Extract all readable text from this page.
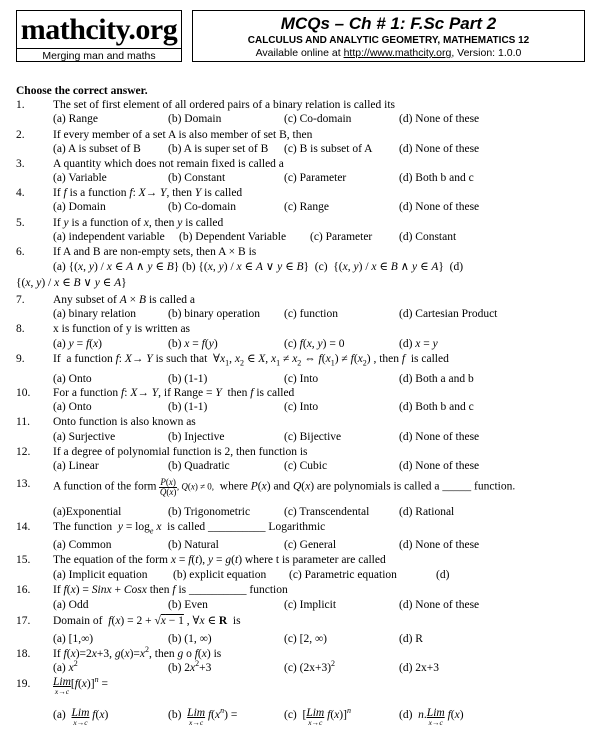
mathcity.org
Merging man and maths
MCQs – Ch # 1: F.Sc Part 2
CALCULUS AND ANALYTIC GEOMETRY, MATHEMATICS 12
Available online at http://www.mathcity.org, Version: 1.0.0
Choose the correct answer.
1. The set of first element of all ordered pairs of a binary relation is called its
(a) Range	(b) Domain	(c) Co-domain	(d) None of these
2. If every member of a set A is also member of set B, then
(a) A is subset of B (b) A is super set of B (c) B is subset of A (d) None of these
3. A quantity which does not remain fixed is called a
(a) Variable	(b) Constant	(c) Parameter	(d) Both b and c
4. If f is a function f: X→ Y, then Y is called
(a) Domain	(b) Co-domain	(c) Range	(d) None of these
5. If y is a function of x, then y is called
(a) independent variable (b) Dependent Variable (c) Parameter (d) Constant
6. If A and B are non-empty sets, then A × B is
(a) {(x, y) / x ∈ A ∧ y ∈ B} (b) {(x, y) / x ∈ A ∨ y ∈ B}  (c)  {(x, y) / x ∈ B ∧ y ∈ A}  (d)
{(x, y) / x ∈ B ∨ y ∈ A}
7. Any subset of A × B is called a
(a) binary relation	(b) binary operation (c) function	(d) Cartesian Product
8. x is function of y is written as
(a) y = f(x)	(b) x = f(y)	(c) f(x, y) = 0	(d) x = y
9. If  a function f: X→ Y is such that  $\forall x_1$, $x_2$ ∈ X, $x_1 \ne x_2$ ⇔ $f(x_1) \ne f(x_2)$ , then f  is called
(a) Onto	(b) (1-1)	(c) Into	(d) Both a and b
10. For a function f: X→ Y, if Range = Y  then f is called
(a) Onto	(b) (1-1)	(c) Into	(d) Both b and c
11. Onto function is also known as
(a) Surjective	(b) Injective	(c) Bijective	(d) None of these
12. If a degree of polynomial function is 2, then function is
(a) Linear	(b) Quadratic	(c) Cubic	(d) None of these
13. A function of the form $\frac{P(x)}{Q(x)}$, Q(x) ≠ 0,  where P(x) and Q(x) are polynomials is called a _____ function.
(a)Exponential	(b) Trigonometric	(c) Transcendental	(d) Rational
14. The function  $y = \log_e x$  is called __________ Logarithmic
(a) Common	(b) Natural	(c) General	(d) None of these
15. The equation of the form x = f(t), y = g(t) where t is parameter are called
(a) Implicit equation (b) explicit equation (c) Parametric equation	(d)
16. If f(x) = Sinx + Cosx then f is __________ function
(a) Odd	(b) Even	(c) Implicit	(d) None of these
17. Domain of  f(x) = 2 + √x − 1 , ∀x ∈ R  is
(a) [1,∞)	(b) (1, ∞)	(c) [2, ∞)	(d) R
18. If f(x)=2x+3, $g(x)=x^2$, then g o f(x) is
(a) $x^2$	(b) $2x^2+3$	(c) $(2x+3)^2$	(d) 2x+3
19. Lim
x→c
$[f(x)]^n$ =
(a)  Lim
x→c
f(x)	(b)  Lim
x→c
$f(x^n)$ =	(c)  [Lim
x→c
f(x)]$^n$	(d)  n.Lim
x→c
f(x)
